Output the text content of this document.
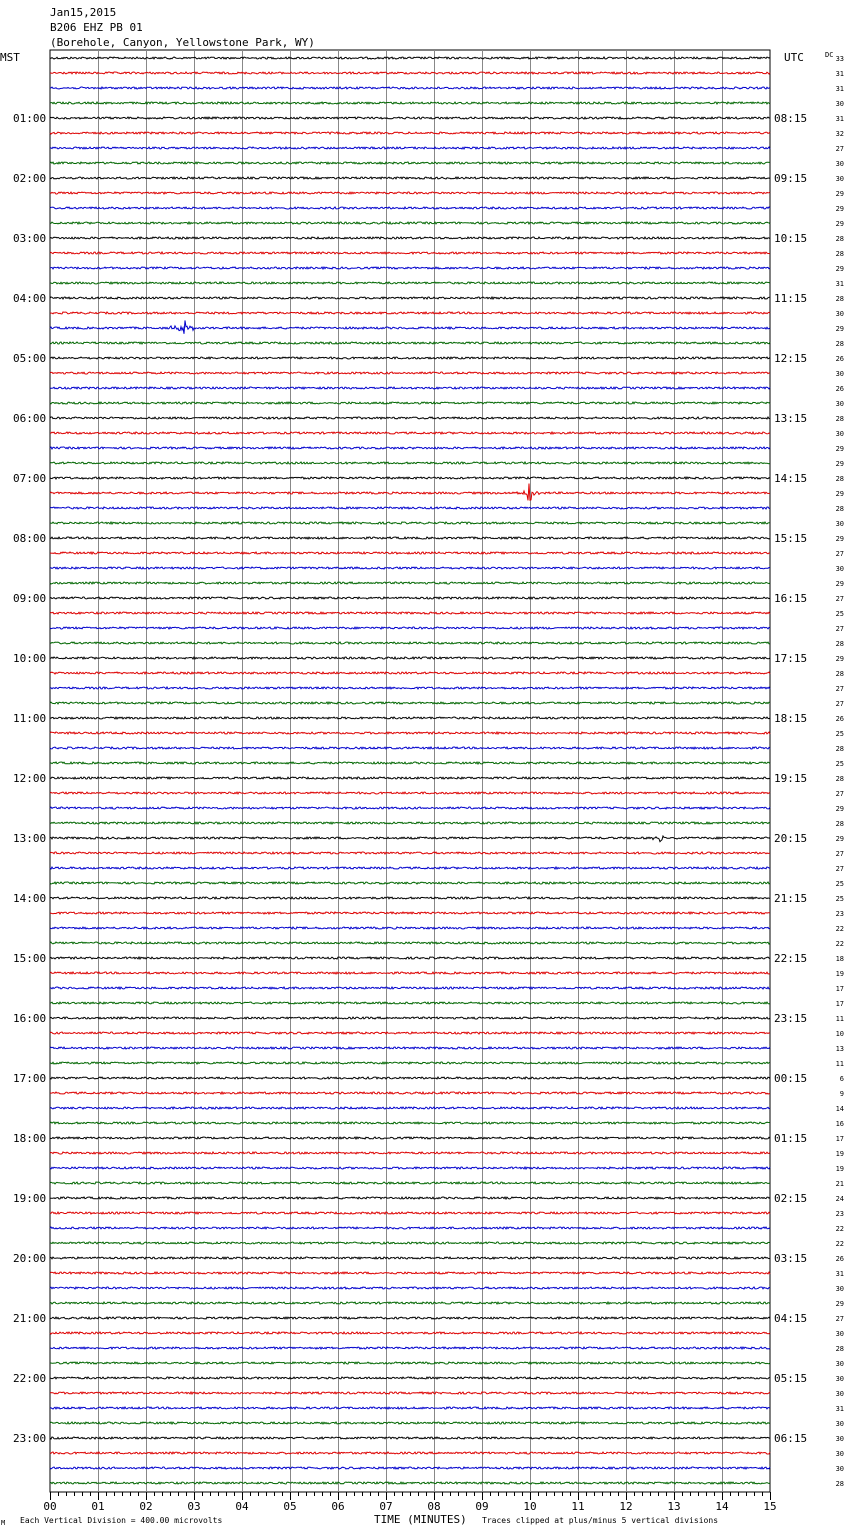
Jan15,2015
B206 EHZ PB 01
(Borehole, Canyon, Yellowstone Park, WY)
MST	UTC	DC
01:00
02:00
03:00
04:00
05:00
06:00
07:00
08:00
09:00
10:00
11:00
12:00
13:00
14:00
15:00
16:00
17:00
18:00
19:00
20:00
21:00
22:00
23:00
08:15
09:15
10:15
11:15
12:15
13:15
14:15
15:15
16:15
17:15
18:15
19:15
20:15
21:15
22:15
23:15
00:15
01:15
02:15
03:15
04:15
05:15
06:15
33
31
31
30
31
32
27
30
30
29
29
29
28
28
29
31
28
30
29
28
26
30
26
30
28
30
29
29
28
29
28
30
29
27
30
29
27
25
27
28
29
28
27
27
26
25
28
25
28
27
29
28
29
27
27
25
25
23
22
22
18
19
17
17
11
10
13
11
6
9
14
16
17
19
19
21
24
23
22
22
26
31
30
29
27
30
28
30
30
30
31
30
30
30
30
28
00	01	02	03	04	05	06	07	08	09	10	11	12	13	14	15
M Each Vertical Division = 400.00 microvolts	TIME (MINUTES) Traces clipped at plus/minus 5 vertical divisions
